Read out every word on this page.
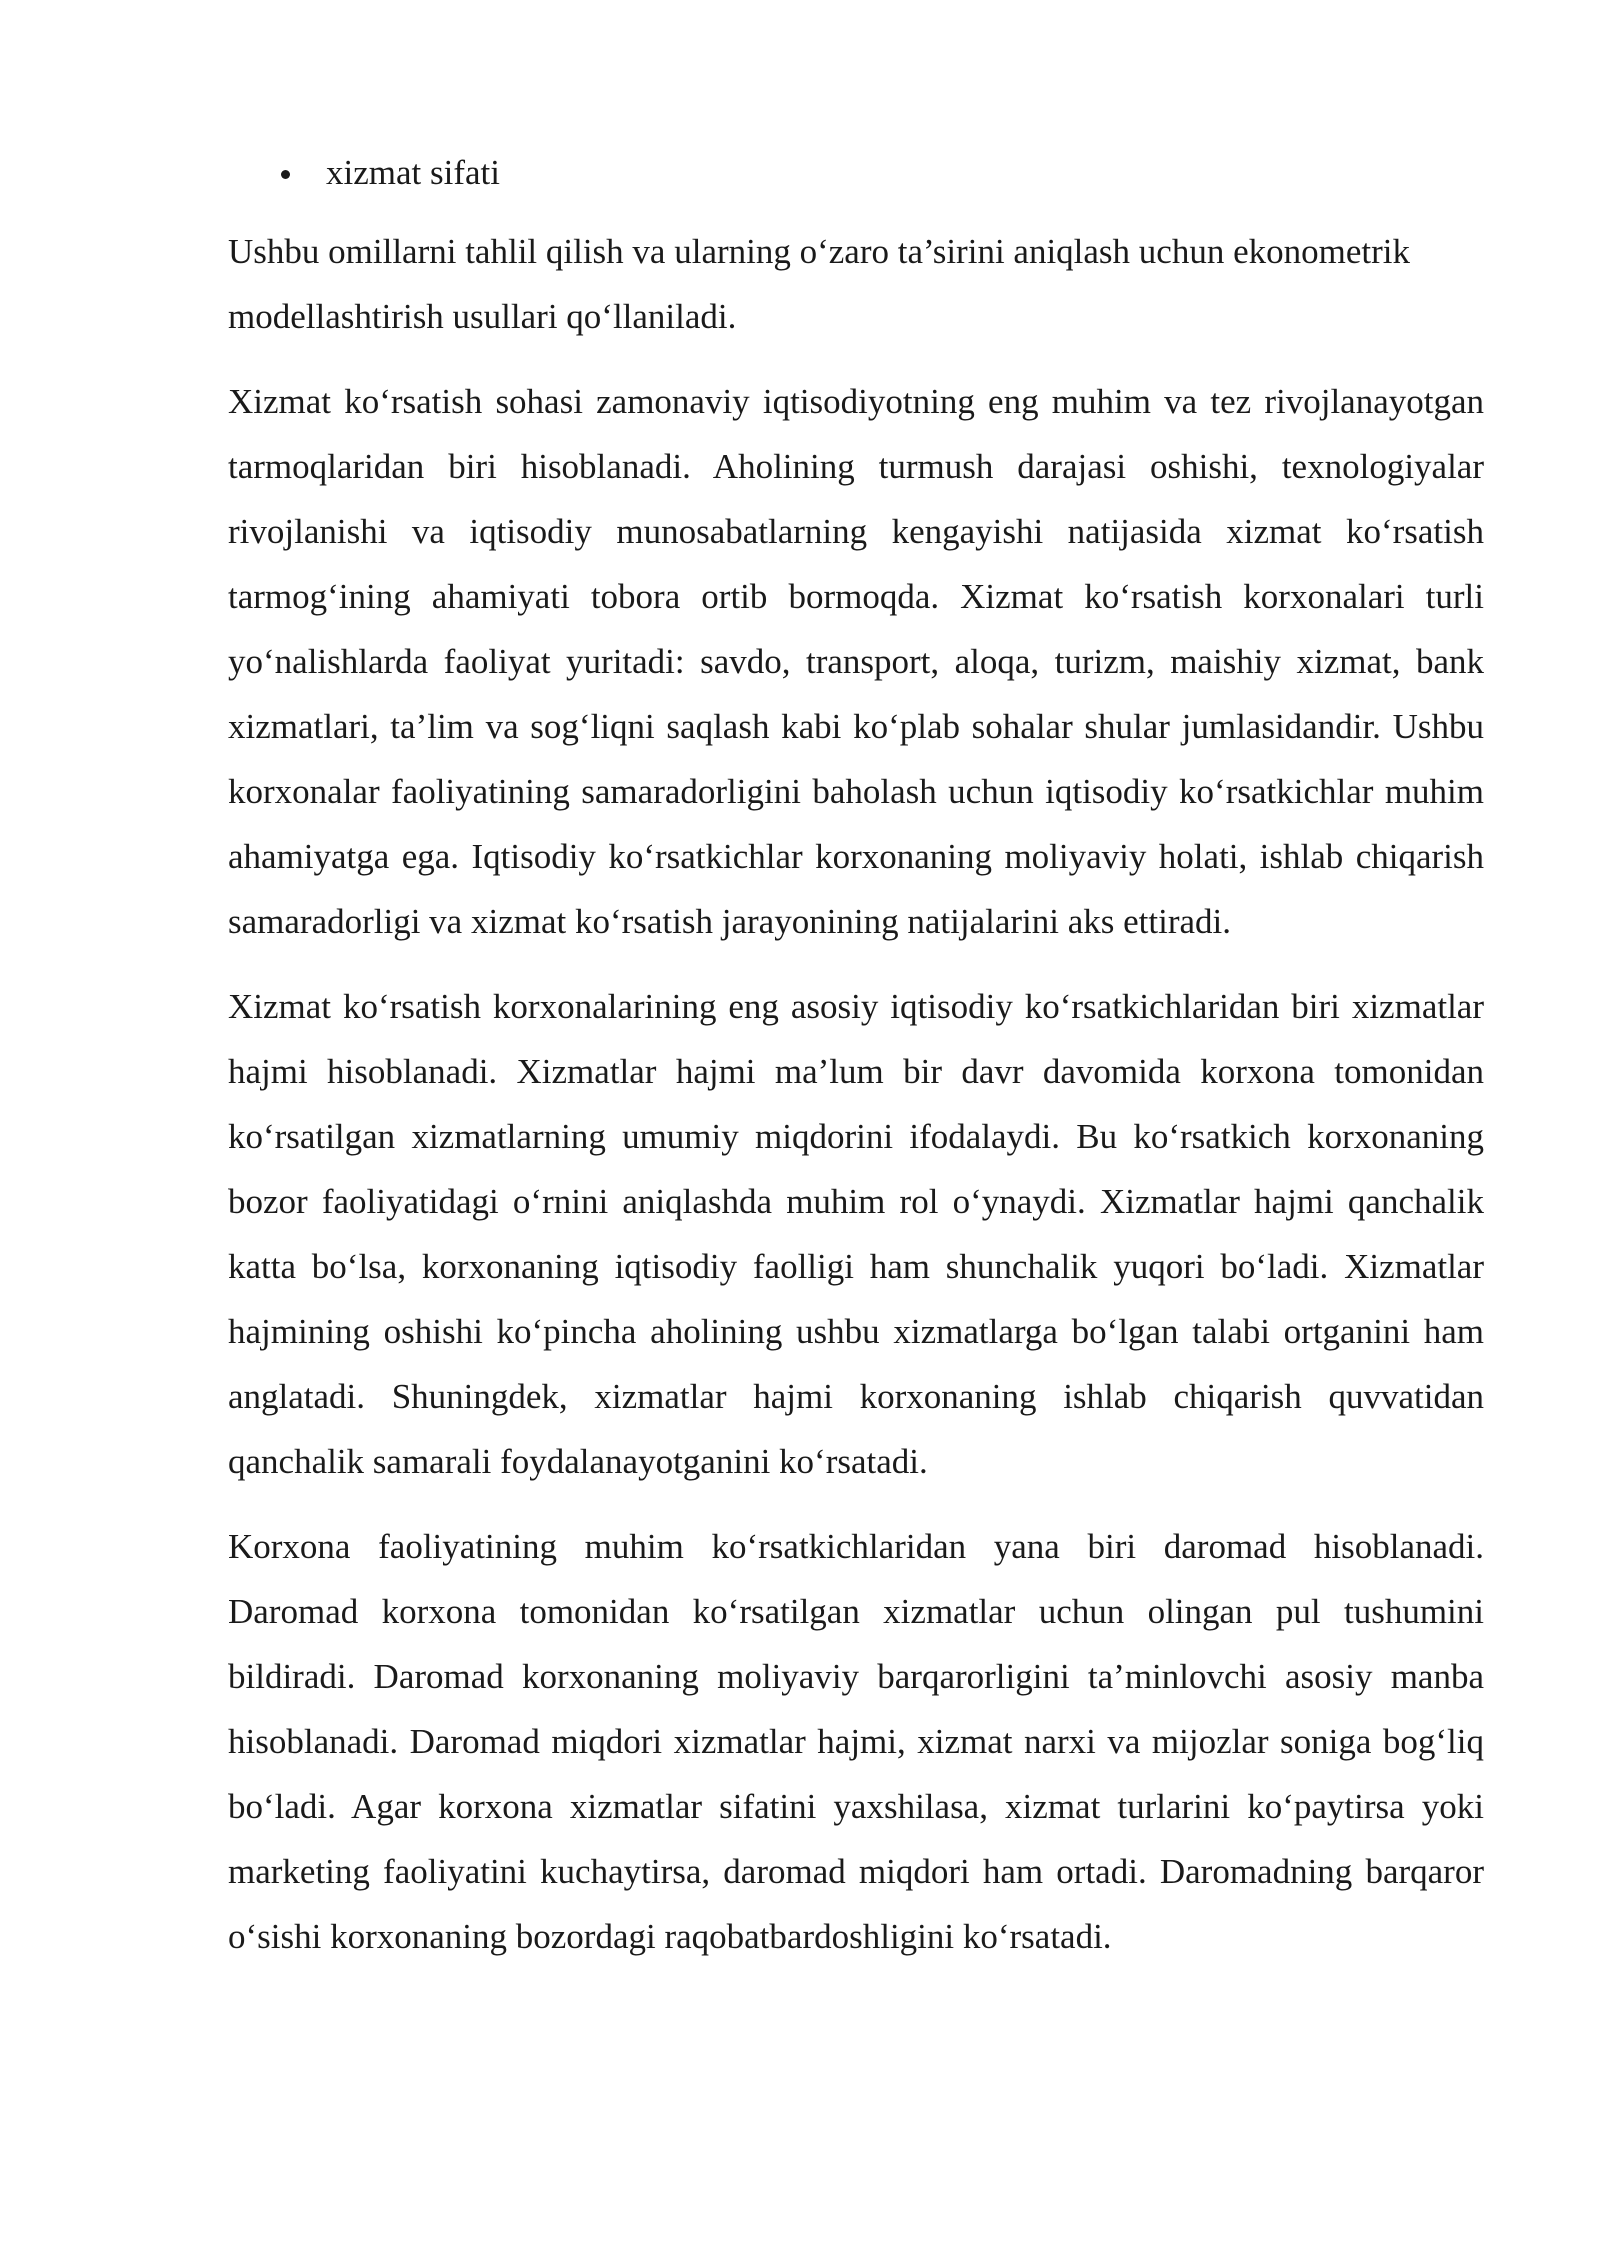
xizmat sifati

Ushbu omillarni tahlil qilish va ularning o‘zaro ta’sirini aniqlash uchun ekonometrik modellashtirish usullari qo‘llaniladi.

Xizmat ko‘rsatish sohasi zamonaviy iqtisodiyotning eng muhim va tez rivojlanayotgan tarmoqlaridan biri hisoblanadi. Aholining turmush darajasi oshishi, texnologiyalar rivojlanishi va iqtisodiy munosabatlarning kengayishi natijasida xizmat ko‘rsatish tarmog‘ining ahamiyati tobora ortib bormoqda. Xizmat ko‘rsatish korxonalari turli yo‘nalishlarda faoliyat yuritadi: savdo, transport, aloqa, turizm, maishiy xizmat, bank xizmatlari, ta’lim va sog‘liqni saqlash kabi ko‘plab sohalar shular jumlasidandir. Ushbu korxonalar faoliyatining samaradorligini baholash uchun iqtisodiy ko‘rsatkichlar muhim ahamiyatga ega. Iqtisodiy ko‘rsatkichlar korxonaning moliyaviy holati, ishlab chiqarish samaradorligi va xizmat ko‘rsatish jarayonining natijalarini aks ettiradi.

Xizmat ko‘rsatish korxonalarining eng asosiy iqtisodiy ko‘rsatkichlaridan biri xizmatlar hajmi hisoblanadi. Xizmatlar hajmi ma’lum bir davr davomida korxona tomonidan ko‘rsatilgan xizmatlarning umumiy miqdorini ifodalaydi. Bu ko‘rsatkich korxonaning bozor faoliyatidagi o‘rnini aniqlashda muhim rol o‘ynaydi. Xizmatlar hajmi qanchalik katta bo‘lsa, korxonaning iqtisodiy faolligi ham shunchalik yuqori bo‘ladi. Xizmatlar hajmining oshishi ko‘pincha aholining ushbu xizmatlarga bo‘lgan talabi ortganini ham anglatadi. Shuningdek, xizmatlar hajmi korxonaning ishlab chiqarish quvvatidan qanchalik samarali foydalanayotganini ko‘rsatadi.

Korxona faoliyatining muhim ko‘rsatkichlaridan yana biri daromad hisoblanadi. Daromad korxona tomonidan ko‘rsatilgan xizmatlar uchun olingan pul tushumini bildiradi. Daromad korxonaning moliyaviy barqarorligini ta’minlovchi asosiy manba hisoblanadi. Daromad miqdori xizmatlar hajmi, xizmat narxi va mijozlar soniga bog‘liq bo‘ladi. Agar korxona xizmatlar sifatini yaxshilasa, xizmat turlarini ko‘paytirsa yoki marketing faoliyatini kuchaytirsa, daromad miqdori ham ortadi. Daromadning barqaror o‘sishi korxonaning bozordagi raqobatbardoshligini ko‘rsatadi.
